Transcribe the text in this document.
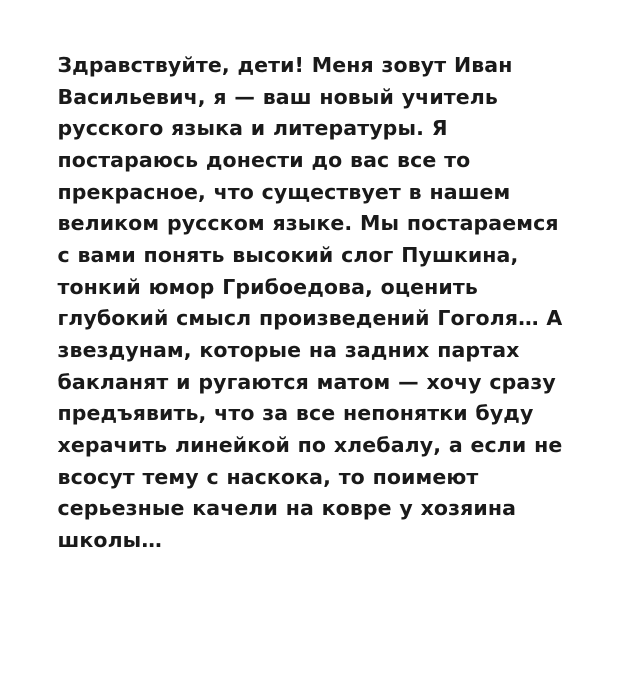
Здравствуйте, дети! Меня зовут Иван Васильевич, я — ваш новый учитель русского языка и литературы. Я постараюсь донести до вас все то прекрасное, что существует в нашем великом русском языке. Мы постараемся с вами понять высокий слог Пушкина, тонкий юмор Грибоедова, оценить глубокий смысл произведений Гоголя… А звездунам, которые на задних партах бакланят и ругаются матом — хочу сразу предъявить, что за все непонятки буду херачить линейкой по хлебалу, а если не всосут тему с наскока, то поимеют серьезные качели на ковре у хозяина школы…
